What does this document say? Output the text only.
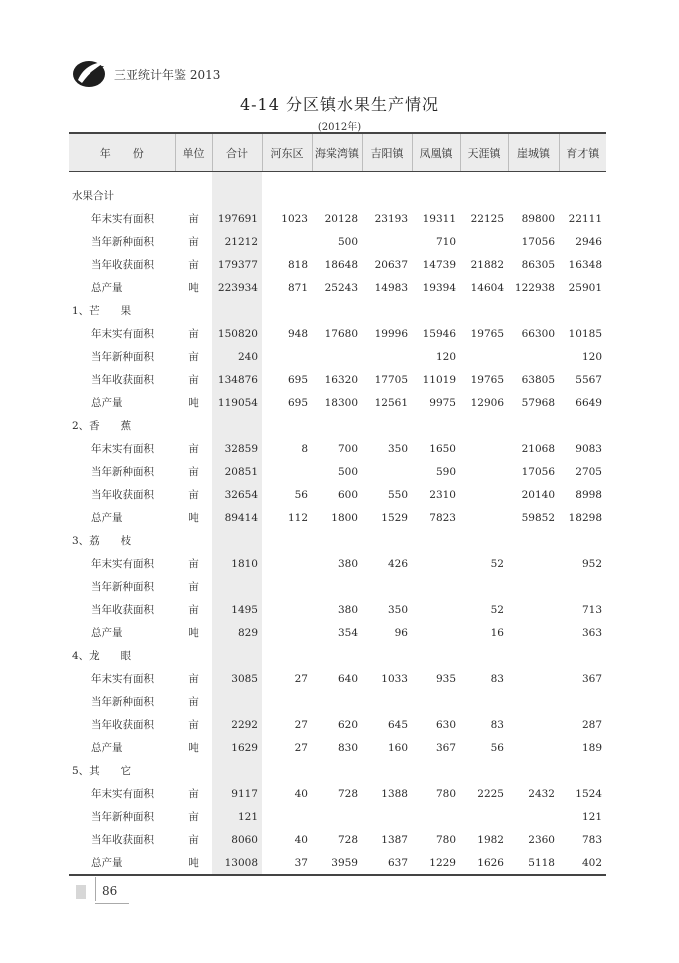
三亚统计年鉴 2013
4-14 分区镇水果生产情况
(2012年)
年　　份	单位	合计	河东区	海棠湾镇	吉阳镇	凤凰镇	天涯镇	崖城镇	育才镇

水果合计									
年末实有面积	亩	197691	1023	20128	23193	19311	22125	89800	22111
当年新种面积	亩	21212		500		710		17056	2946
当年收获面积	亩	179377	818	18648	20637	14739	21882	86305	16348
总产量	吨	223934	871	25243	14983	19394	14604	122938	25901
1、芒　　果									
年末实有面积	亩	150820	948	17680	19996	15946	19765	66300	10185
当年新种面积	亩	240				120			120
当年收获面积	亩	134876	695	16320	17705	11019	19765	63805	5567
总产量	吨	119054	695	18300	12561	9975	12906	57968	6649
2、香　　蕉									
年末实有面积	亩	32859	8	700	350	1650		21068	9083
当年新种面积	亩	20851		500		590		17056	2705
当年收获面积	亩	32654	56	600	550	2310		20140	8998
总产量	吨	89414	112	1800	1529	7823		59852	18298
3、荔　　枝									
年末实有面积	亩	1810		380	426		52		952
当年新种面积	亩								
当年收获面积	亩	1495		380	350		52		713
总产量	吨	829		354	96		16		363
4、龙　　眼									
年末实有面积	亩	3085	27	640	1033	935	83		367
当年新种面积	亩								
当年收获面积	亩	2292	27	620	645	630	83		287
总产量	吨	1629	27	830	160	367	56		189
5、其　　它									
年末实有面积	亩	9117	40	728	1388	780	2225	2432	1524
当年新种面积	亩	121							121
当年收获面积	亩	8060	40	728	1387	780	1982	2360	783
总产量	吨	13008	37	3959	637	1229	1626	5118	402
86
